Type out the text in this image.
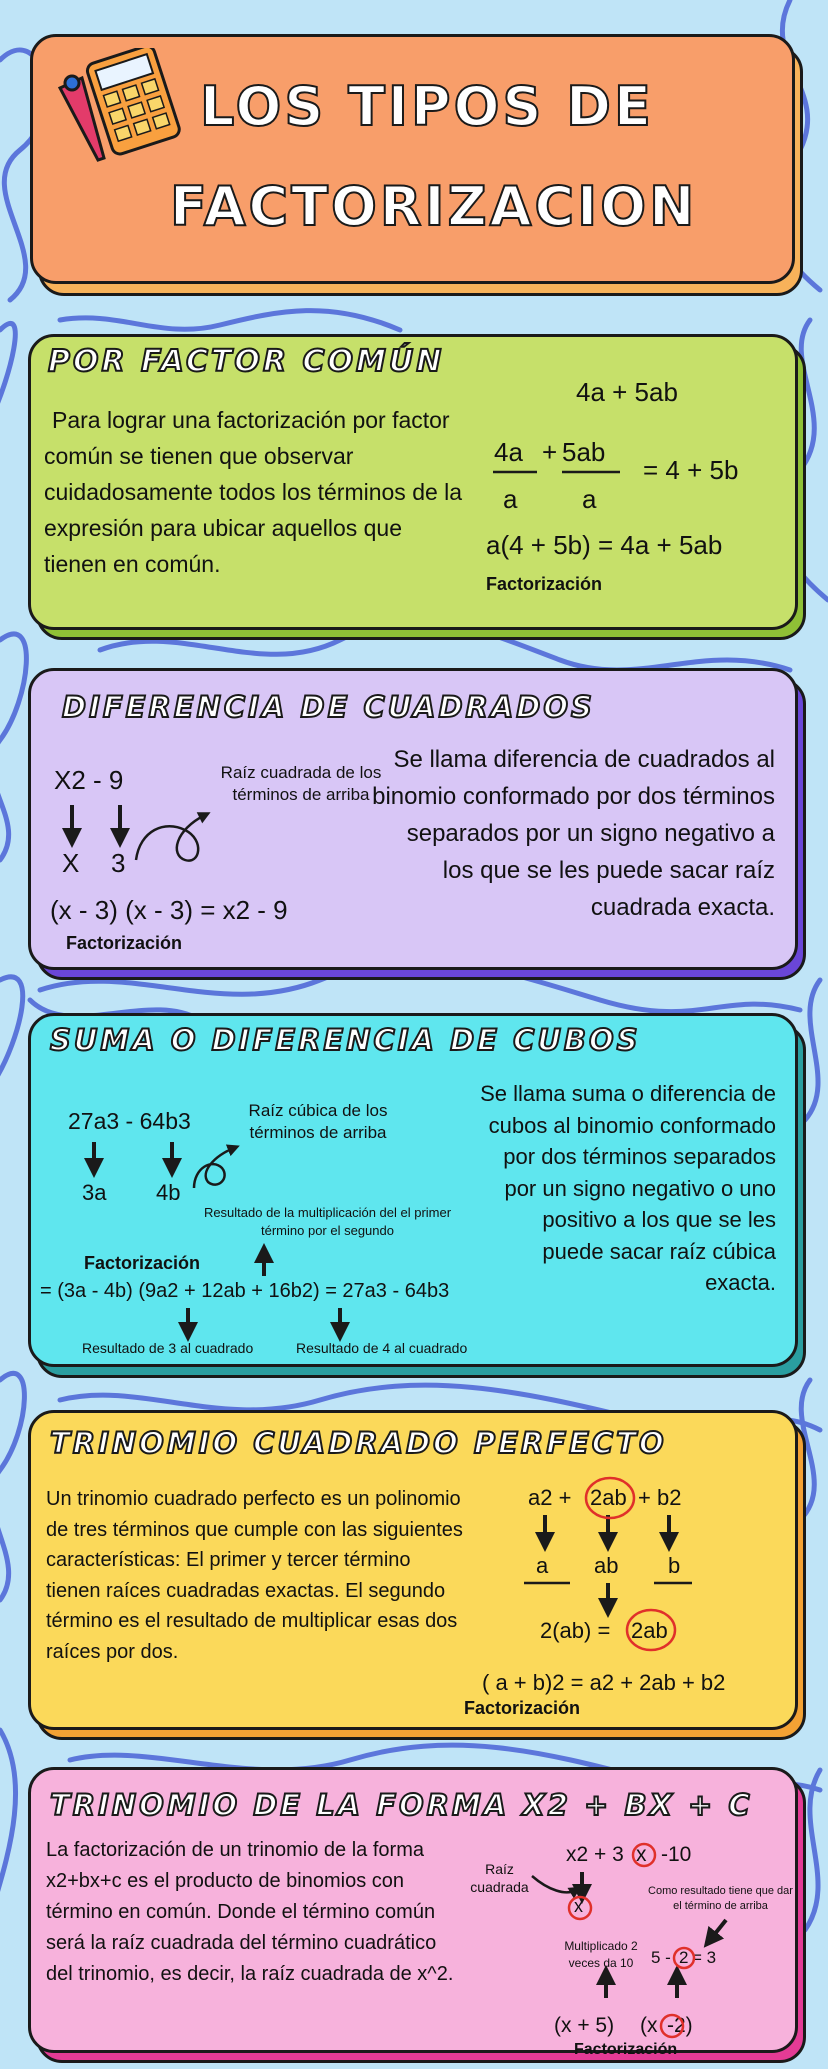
LOS TIPOS DE
FACTORIZACION
POR FACTOR COMÚN
Para lograr una factorización por factor común se tienen que observar cuidadosamente todos los términos de la expresión para ubicar aquellos que tienen en común.
4a + 5ab
4a + 5ab
a a
= 4 + 5b
a(4 + 5b) = 4a + 5ab
Factorización
DIFERENCIA DE CUADRADOS
X2 - 9	Raíz cuadrada de los términos de arriba
X 3
(x - 3) (x - 3) = x2 - 9
Factorización
Se llama diferencia de cuadrados al binomio conformado por dos términos separados por un signo negativo a los que se les puede sacar raíz cuadrada exacta.
SUMA O DIFERENCIA DE CUBOS
27a3 - 64b3	Raíz cúbica de los términos de arriba
3a 4b
Resultado de la multiplicación del el primer término por el segundo
Factorización
= (3a - 4b) (9a2 + 12ab + 16b2) = 27a3 - 64b3
Resultado de 3 al cuadrado	Resultado de 4 al cuadrado
Se llama suma o diferencia de cubos al binomio conformado por dos términos separados por un signo negativo o uno positivo a los que se les puede sacar raíz cúbica exacta.
TRINOMIO CUADRADO PERFECTO
Un trinomio cuadrado perfecto es un polinomio de tres términos que cumple con las siguientes características: El primer y tercer término tienen raíces cuadradas exactas. El segundo término es el resultado de multiplicar esas dos raíces por dos.
a2 + 2ab + b2
a ab b
2(ab) = 2ab
( a + b)2 = a2 + 2ab + b2
Factorización
TRINOMIO DE LA FORMA X2 + BX + C
La factorización de un trinomio de la forma x2+bx+c es el producto de binomios con término en común. Donde el término común será la raíz cuadrada del término cuadrático del trinomio, es decir, la raíz cuadrada de x^2.
x2 + 3 x -10
Raíz cuadrada
x
Como resultado tiene que dar el término de arriba
Multiplicado 2 veces da 10	5 - 2 = 3
(x + 5) (x -2)
Factorización
